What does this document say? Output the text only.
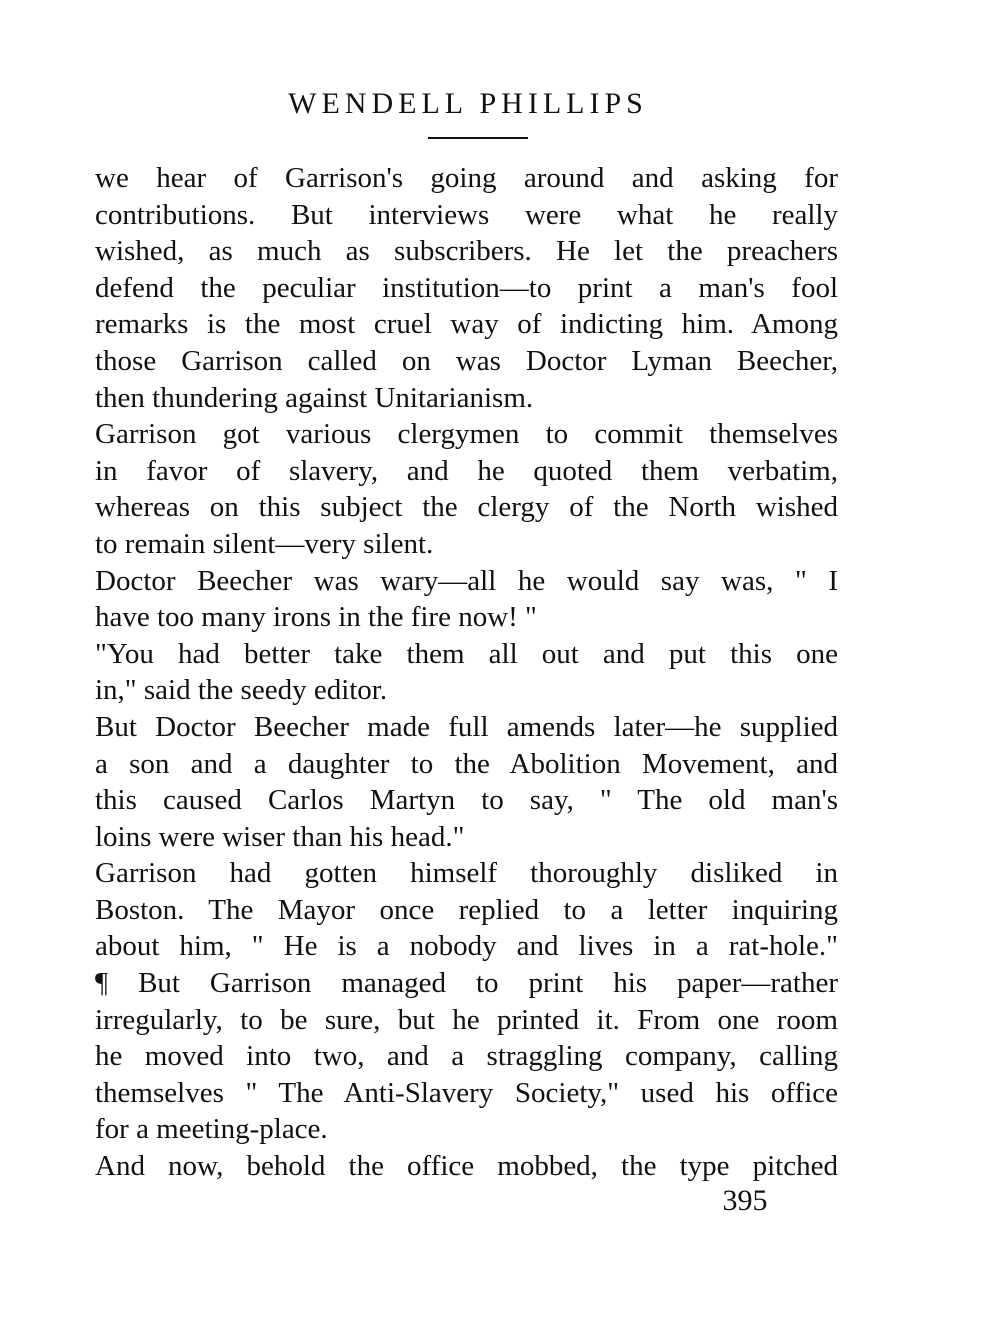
WENDELL PHILLIPS
we hear of Garrison's going around and asking for
contributions. But interviews were what he really
wished, as much as subscribers. He let the preachers
defend the peculiar institution—to print a man's fool
remarks is the most cruel way of indicting him. Among
those Garrison called on was Doctor Lyman Beecher,
then thundering against Unitarianism.
Garrison got various clergymen to commit themselves
in favor of slavery, and he quoted them verbatim,
whereas on this subject the clergy of the North wished
to remain silent—very silent.
Doctor Beecher was wary—all he would say was, " I
have too many irons in the fire now! "
"You had better take them all out and put this one
in," said the seedy editor.
But Doctor Beecher made full amends later—he supplied
a son and a daughter to the Abolition Movement, and
this caused Carlos Martyn to say, " The old man's
loins were wiser than his head."
Garrison had gotten himself thoroughly disliked in
Boston. The Mayor once replied to a letter inquiring
about him, " He is a nobody and lives in a rat-hole."
¶ But Garrison managed to print his paper—rather
irregularly, to be sure, but he printed it. From one room
he moved into two, and a straggling company, calling
themselves " The Anti-Slavery Society," used his office
for a meeting-place.
And now, behold the office mobbed, the type pitched
395
